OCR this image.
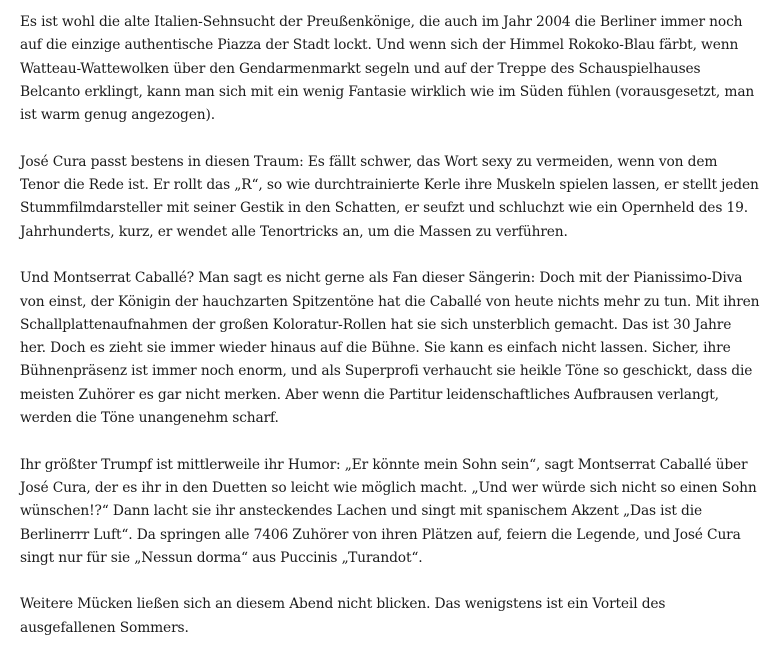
Es ist wohl die alte Italien-Sehnsucht der Preußenkönige, die auch im Jahr 2004 die Berliner immer noch auf die einzige authentische Piazza der Stadt lockt. Und wenn sich der Himmel Rokoko-Blau färbt, wenn Watteau-Wattewolken über den Gendarmenmarkt segeln und auf der Treppe des Schauspielhauses Belcanto erklingt, kann man sich mit ein wenig Fantasie wirklich wie im Süden fühlen (vorausgesetzt, man ist warm genug angezogen).

José Cura passt bestens in diesen Traum: Es fällt schwer, das Wort sexy zu vermeiden, wenn von dem Tenor die Rede ist. Er rollt das „R“, so wie durchtrainierte Kerle ihre Muskeln spielen lassen, er stellt jeden Stummfilmdarsteller mit seiner Gestik in den Schatten, er seufzt und schluchzt wie ein Opernheld des 19. Jahrhunderts, kurz, er wendet alle Tenortricks an, um die Massen zu verführen.

Und Montserrat Caballé? Man sagt es nicht gerne als Fan dieser Sängerin: Doch mit der Pianissimo-Diva von einst, der Königin der hauchzarten Spitzentöne hat die Caballé von heute nichts mehr zu tun. Mit ihren Schallplattenaufnahmen der großen Koloratur-Rollen hat sie sich unsterblich gemacht. Das ist 30 Jahre her. Doch es zieht sie immer wieder hinaus auf die Bühne. Sie kann es einfach nicht lassen. Sicher, ihre Bühnenpräsenz ist immer noch enorm, und als Superprofi verhaucht sie heikle Töne so geschickt, dass die meisten Zuhörer es gar nicht merken. Aber wenn die Partitur leidenschaftliches Aufbrausen verlangt, werden die Töne unangenehm scharf.

Ihr größter Trumpf ist mittlerweile ihr Humor: „Er könnte mein Sohn sein“, sagt Montserrat Caballé über José Cura, der es ihr in den Duetten so leicht wie möglich macht. „Und wer würde sich nicht so einen Sohn wünschen!?“ Dann lacht sie ihr ansteckendes Lachen und singt mit spanischem Akzent „Das ist die Berlinerrr Luft“. Da springen alle 7406 Zuhörer von ihren Plätzen auf, feiern die Legende, und José Cura singt nur für sie „Nessun dorma“ aus Puccinis „Turandot“.

Weitere Mücken ließen sich an diesem Abend nicht blicken. Das wenigstens ist ein Vorteil des ausgefallenen Sommers.
